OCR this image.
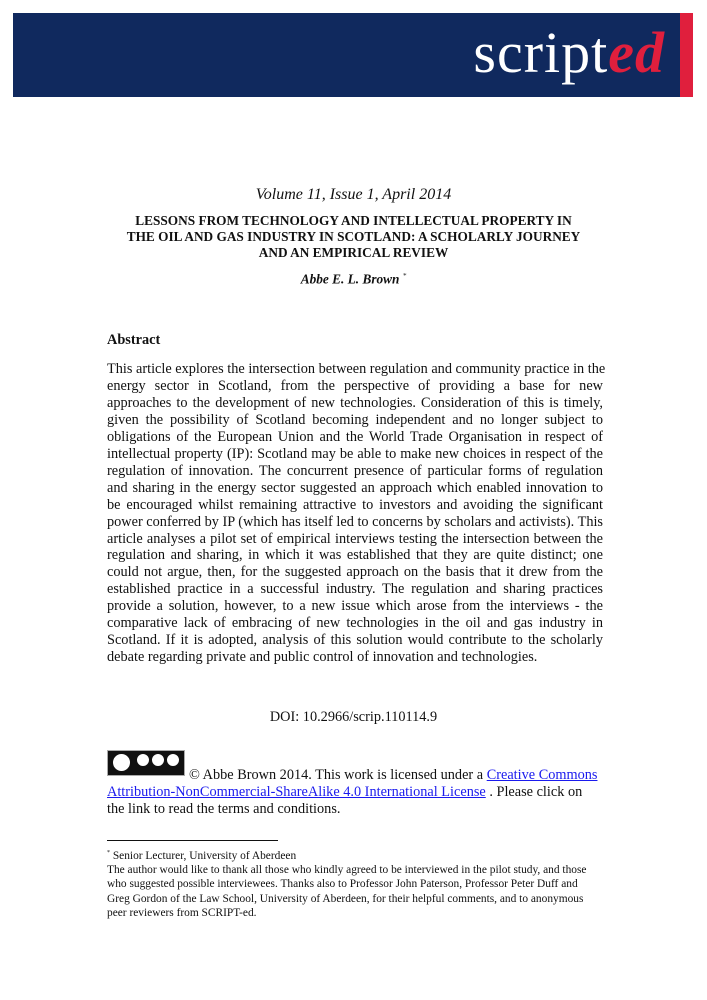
scripted
Volume 11, Issue 1, April 2014
LESSONS FROM TECHNOLOGY AND INTELLECTUAL PROPERTY IN
THE OIL AND GAS INDUSTRY IN SCOTLAND: A SCHOLARLY JOURNEY
AND AN EMPIRICAL REVIEW
Abbe E. L. Brown *
Abstract
This article explores the intersection between regulation and community practice in the
energy sector in Scotland, from the perspective of providing a base for new
approaches to the development of new technologies. Consideration of this is timely,
given the possibility of Scotland becoming independent and no longer subject to
obligations of the European Union and the World Trade Organisation in respect of
intellectual property (IP): Scotland may be able to make new choices in respect of the
regulation of innovation. The concurrent presence of particular forms of regulation
and sharing in the energy sector suggested an approach which enabled innovation to
be encouraged whilst remaining attractive to investors and avoiding the significant
power conferred by IP (which has itself led to concerns by scholars and activists). This
article analyses a pilot set of empirical interviews testing the intersection between the
regulation and sharing, in which it was established that they are quite distinct; one
could not argue, then, for the suggested approach on the basis that it drew from the
established practice in a successful industry. The regulation and sharing practices
provide a solution, however, to a new issue which arose from the interviews - the
comparative lack of embracing of new technologies in the oil and gas industry in
Scotland. If it is adopted, analysis of this solution would contribute to the scholarly
debate regarding private and public control of innovation and technologies.
DOI: 10.2966/scrip.110114.9
© Abbe Brown 2014. This work is licensed under a Creative Commons Attribution-NonCommercial-ShareAlike 4.0 International License . Please click on the link to read the terms and conditions.
* Senior Lecturer, University of Aberdeen
The author would like to thank all those who kindly agreed to be interviewed in the pilot study, and those who suggested possible interviewees. Thanks also to Professor John Paterson, Professor Peter Duff and Greg Gordon of the Law School, University of Aberdeen, for their helpful comments, and to anonymous peer reviewers from SCRIPT-ed.
